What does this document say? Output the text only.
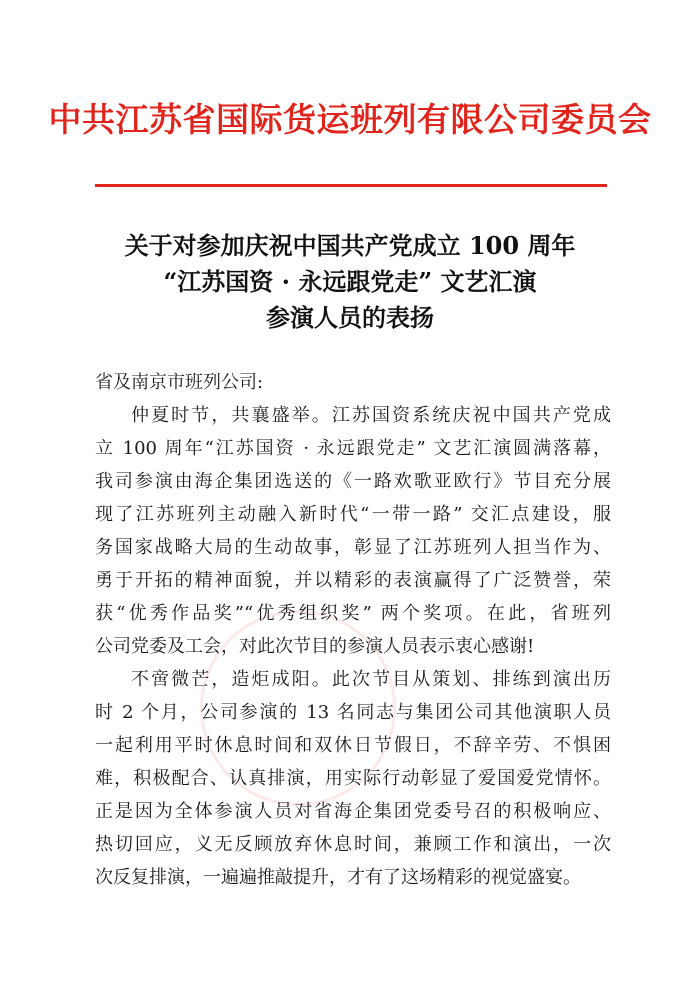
中共江苏省国际货运班列有限公司委员会
关于对参加庆祝中国共产党成立 100 周年
“江苏国资 · 永远跟党走” 文艺汇演
参演人员的表扬

省及南京市班列公司:

仲夏时节，共襄盛举。江苏国资系统庆祝中国共产党成
立 100 周年“江苏国资 · 永远跟党走” 文艺汇演圆满落幕，
我司参演由海企集团选送的《一路欢歌亚欧行》节目充分展
现了江苏班列主动融入新时代“一带一路” 交汇点建设，服
务国家战略大局的生动故事，彰显了江苏班列人担当作为、
勇于开拓的精神面貌，并以精彩的表演赢得了广泛赞誉，荣
获“优秀作品奖”“优秀组织奖” 两个奖项。在此，省班列
公司党委及工会，对此次节目的参演人员表示衷心感谢!

不啻微芒，造炬成阳。此次节目从策划、排练到演出历
时 2 个月，公司参演的 13 名同志与集团公司其他演职人员
一起利用平时休息时间和双休日节假日，不辞辛劳、不惧困
难，积极配合、认真排演，用实际行动彰显了爱国爱党情怀。
正是因为全体参演人员对省海企集团党委号召的积极响应、
热切回应，义无反顾放弃休息时间，兼顾工作和演出，一次
次反复排演，一遍遍推敲提升，才有了这场精彩的视觉盛宴。
